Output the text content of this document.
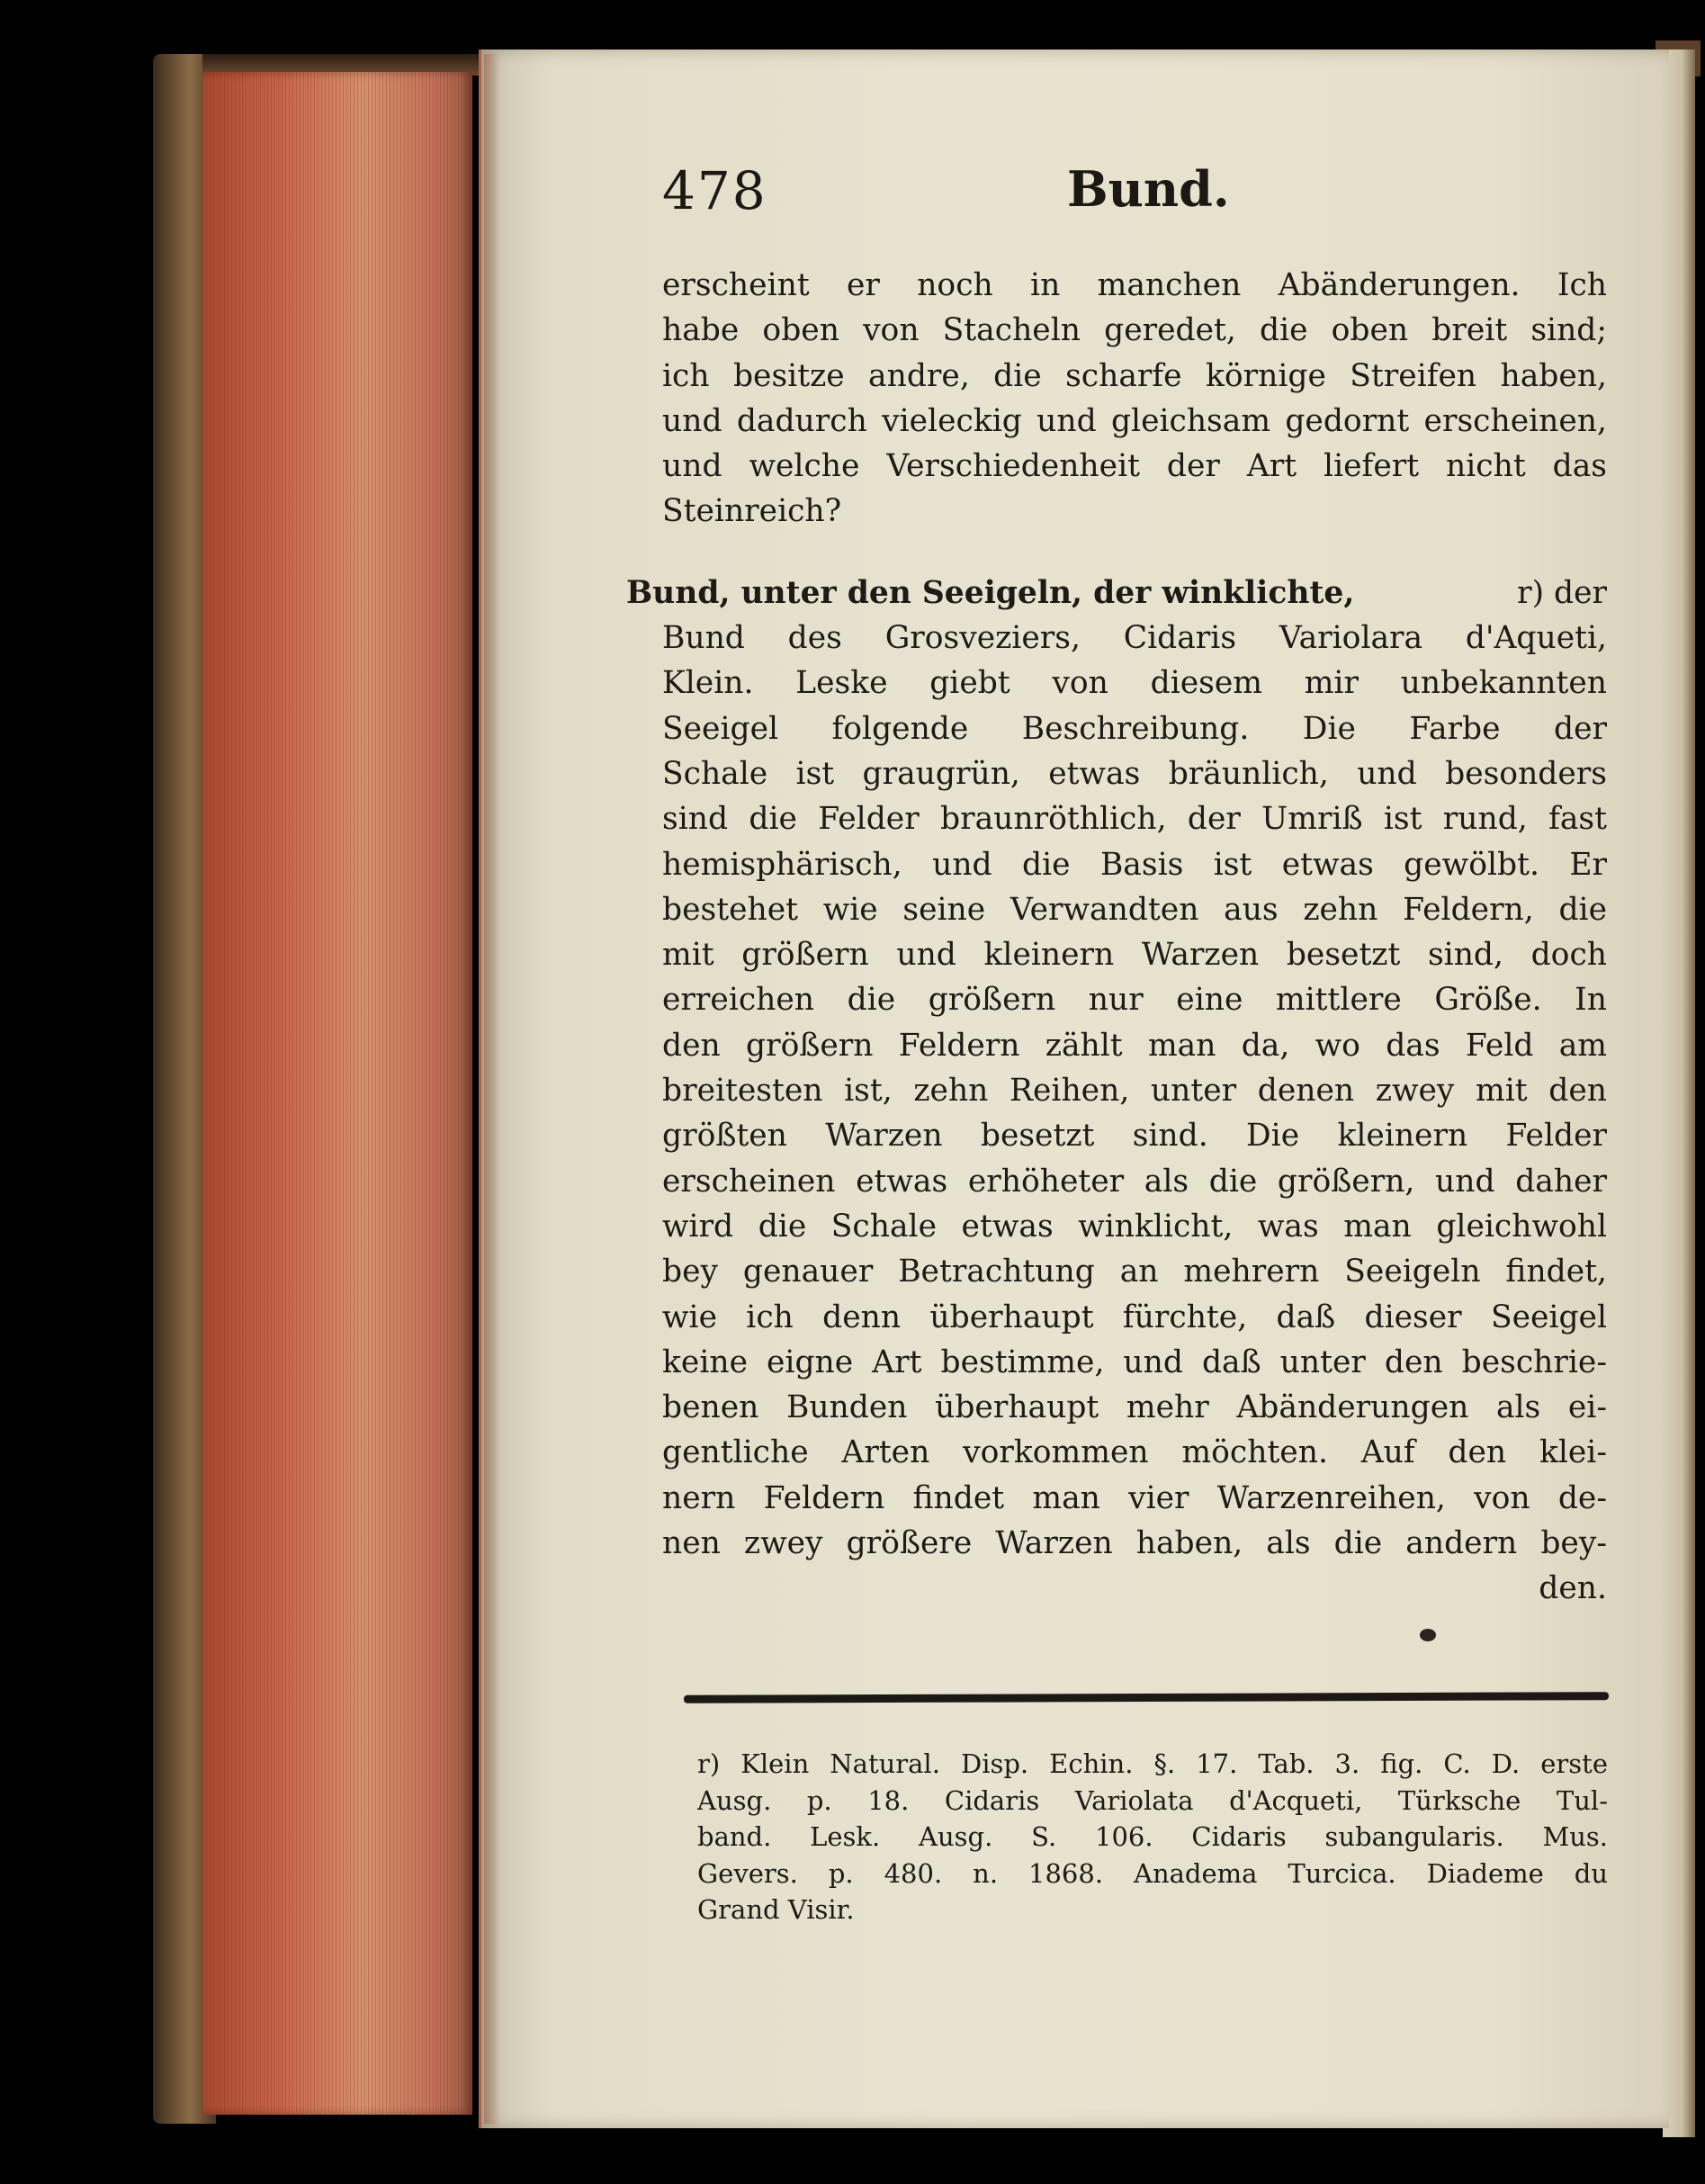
478	Bund.
erscheint er noch in manchen Abänderungen. Ich
habe oben von Stacheln geredet, die oben breit sind;
ich besitze andre, die scharfe körnige Streifen haben,
und dadurch vieleckig und gleichsam gedornt erscheinen,
und welche Verschiedenheit der Art liefert nicht das
Steinreich?
Bund, unter den Seeigeln, der winklichte,	r) der
Bund des Grosveziers, Cidaris Variolara d'Aqueti,
Klein. Leske giebt von diesem mir unbekannten
Seeigel folgende Beschreibung. Die Farbe der
Schale ist graugrün, etwas bräunlich, und besonders
sind die Felder braunröthlich, der Umriß ist rund, fast
hemisphärisch, und die Basis ist etwas gewölbt. Er
bestehet wie seine Verwandten aus zehn Feldern, die
mit größern und kleinern Warzen besetzt sind, doch
erreichen die größern nur eine mittlere Größe. In
den größern Feldern zählt man da, wo das Feld am
breitesten ist, zehn Reihen, unter denen zwey mit den
größten Warzen besetzt sind. Die kleinern Felder
erscheinen etwas erhöheter als die größern, und daher
wird die Schale etwas winklicht, was man gleichwohl
bey genauer Betrachtung an mehrern Seeigeln findet,
wie ich denn überhaupt fürchte, daß dieser Seeigel
keine eigne Art bestimme, und daß unter den beschrie-
benen Bunden überhaupt mehr Abänderungen als ei-
gentliche Arten vorkommen möchten. Auf den klei-
nern Feldern findet man vier Warzenreihen, von de-
nen zwey größere Warzen haben, als die andern bey-
den.
r) Klein Natural. Disp. Echin. §. 17. Tab. 3. fig. C. D. erste
Ausg. p. 18. Cidaris Variolata d'Acqueti, Türksche Tul-
band. Lesk. Ausg. S. 106. Cidaris subangularis. Mus.
Gevers. p. 480. n. 1868. Anadema Turcica. Diademe du
Grand Visir.
